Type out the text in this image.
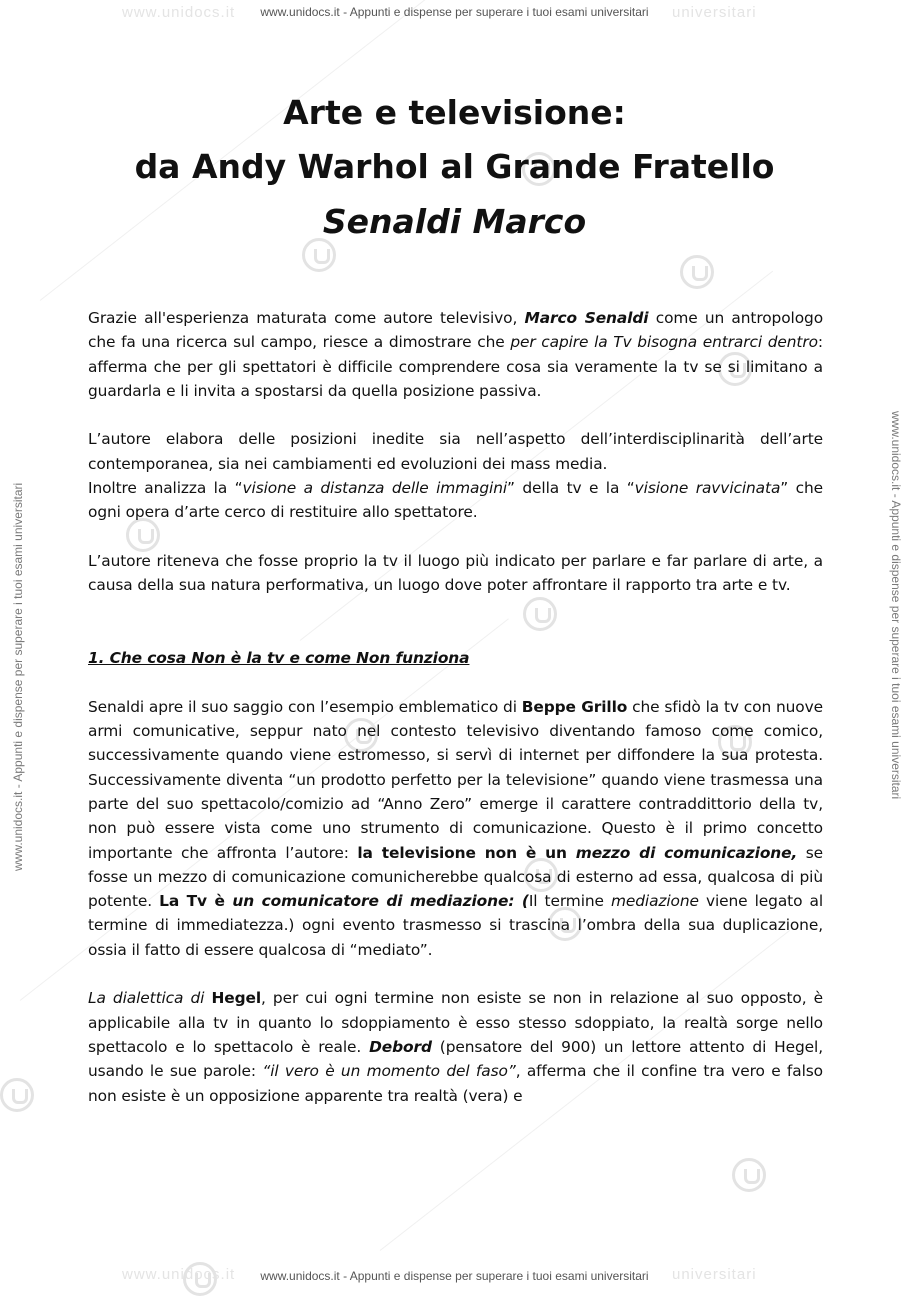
www.unidocs.it	universitari
www.unidocs.it	universitari
www.unidocs.it - Appunti e dispense per superare i tuoi esami universitari	www.unidocs.it - Appunti e dispense per superare i tuoi esami universitari
www.unidocs.it - Appunti e dispense per superare i tuoi esami universitari
Arte e televisione:
da Andy Warhol al Grande Fratello
Senaldi Marco

Grazie all'esperienza maturata come autore televisivo, Marco Senaldi come un antropologo che fa una ricerca sul campo, riesce a dimostrare che per capire la Tv bisogna entrarci dentro: afferma che per gli spettatori è difficile comprendere cosa sia veramente la tv se si limitano a guardarla e li invita a spostarsi da quella posizione passiva.

L’autore elabora delle posizioni inedite sia nell’aspetto dell’interdisciplinarità dell’arte contemporanea, sia nei cambiamenti ed evoluzioni dei mass media.

Inoltre analizza la “visione a distanza delle immagini” della tv e la “visione ravvicinata” che ogni opera d’arte cerco di restituire allo spettatore.

L’autore riteneva che fosse proprio la tv il luogo più indicato per parlare e far parlare di arte, a causa della sua natura performativa, un luogo dove poter affrontare il rapporto tra arte e tv.

1. Che cosa Non è la tv e come Non funziona

Senaldi apre il suo saggio con l’esempio emblematico di Beppe Grillo che sfidò la tv con nuove armi comunicative, seppur nato nel contesto televisivo diventando famoso come comico, successivamente quando viene estromesso, si servì di internet per diffondere la sua protesta. Successivamente diventa “un prodotto perfetto per la televisione” quando viene trasmessa una parte del suo spettacolo/comizio ad “Anno Zero” emerge il carattere contraddittorio della tv, non può essere vista come uno strumento di comunicazione. Questo è il primo concetto importante che affronta l’autore: la televisione non è un mezzo di comunicazione, se fosse un mezzo di comunicazione comunicherebbe qualcosa di esterno ad essa, qualcosa di più potente. La Tv è un comunicatore di mediazione: (Il termine mediazione viene legato al termine di immediatezza.) ogni evento trasmesso si trascina l’ombra della sua duplicazione, ossia il fatto di essere qualcosa di “mediato”.

La dialettica di Hegel, per cui ogni termine non esiste se non in relazione al suo opposto, è applicabile alla tv in quanto lo sdoppiamento è esso stesso sdoppiato, la realtà sorge nello spettacolo e lo spettacolo è reale. Debord (pensatore del 900) un lettore attento di Hegel, usando le sue parole: “il vero è un momento del faso”, afferma che il confine tra vero e falso non esiste è un opposizione apparente tra realtà (vera) e

www.unidocs.it - Appunti e dispense per superare i tuoi esami universitari
